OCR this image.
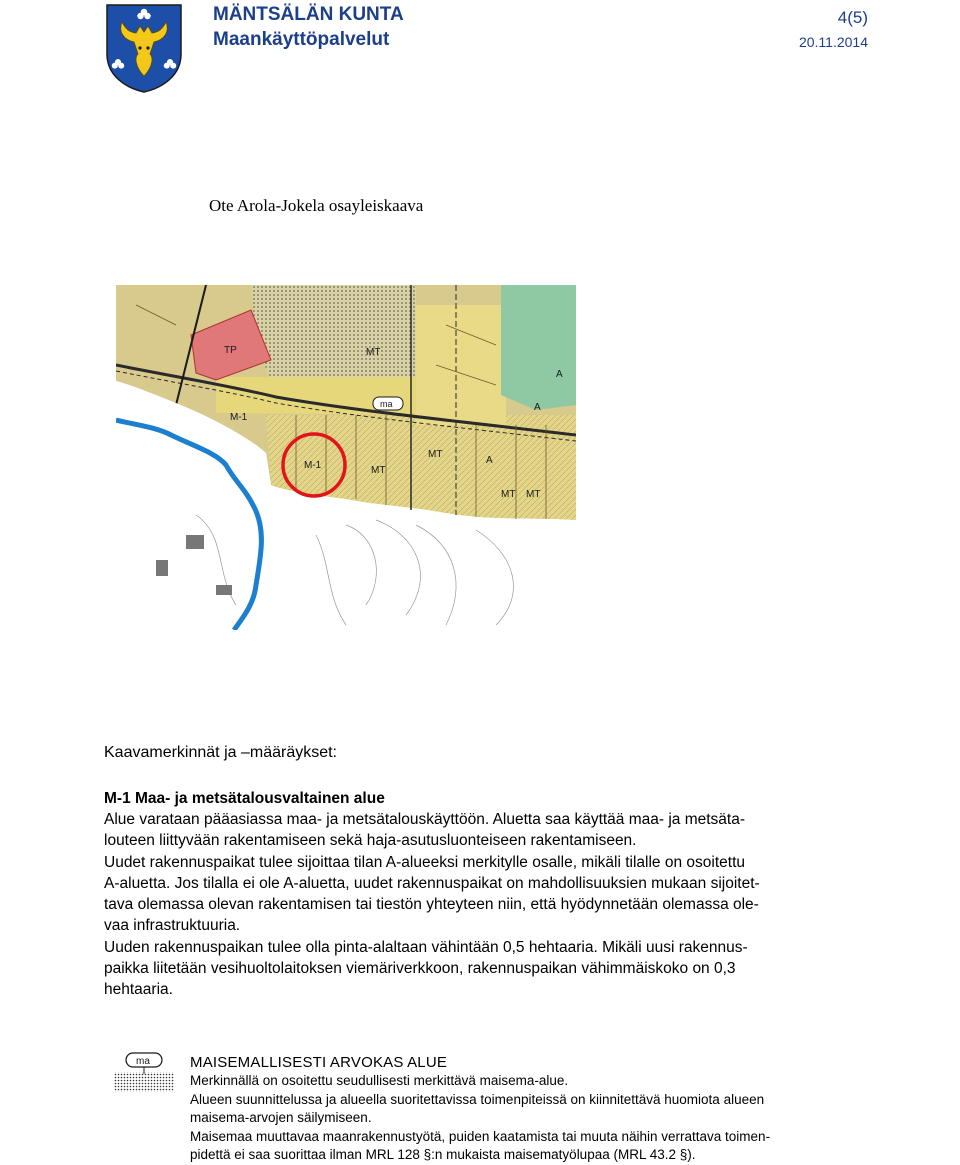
MÄNTSÄLÄN KUNTA
Maankäyttöpalvelut
4(5)
20.11.2014
Ote Arola-Jokela osayleiskaava
TP	MT
MT
MT
MT MT
M-1
M-1	A
A
A
ma
Kaavamerkinnät ja –määräykset:
M-1 Maa- ja metsätalousvaltainen alue
Alue varataan pääasiassa maa- ja metsätalouskäyttöön. Aluetta saa käyttää maa- ja metsäta-
louteen liittyvään rakentamiseen sekä haja-asutusluonteiseen rakentamiseen.
Uudet rakennuspaikat tulee sijoittaa tilan A-alueeksi merkitylle osalle, mikäli tilalle on osoitettu
A-aluetta. Jos tilalla ei ole A-aluetta, uudet rakennuspaikat on mahdollisuuksien mukaan sijoitet-
tava olemassa olevan rakentamisen tai tiestön yhteyteen niin, että hyödynnetään olemassa ole-
vaa infrastruktuuria.
Uuden rakennuspaikan tulee olla pinta-alaltaan vähintään 0,5 hehtaaria. Mikäli uusi rakennus-
paikka liitetään vesihuoltolaitoksen viemäriverkkoon, rakennuspaikan vähimmäiskoko on 0,3
hehtaaria.
ma	MAISEMALLISESTI ARVOKAS ALUE
Merkinnällä on osoitettu seudullisesti merkittävä maisema-alue.
Alueen suunnittelussa ja alueella suoritettavissa toimenpiteissä on kiinnitettävä huomiota alueen
maisema-arvojen säilymiseen.
Maisemaa muuttavaa maanrakennustyötä, puiden kaatamista tai muuta näihin verrattava toimen-
pidettä ei saa suorittaa ilman MRL 128 §:n mukaista maisematyölupaa (MRL 43.2 §).
